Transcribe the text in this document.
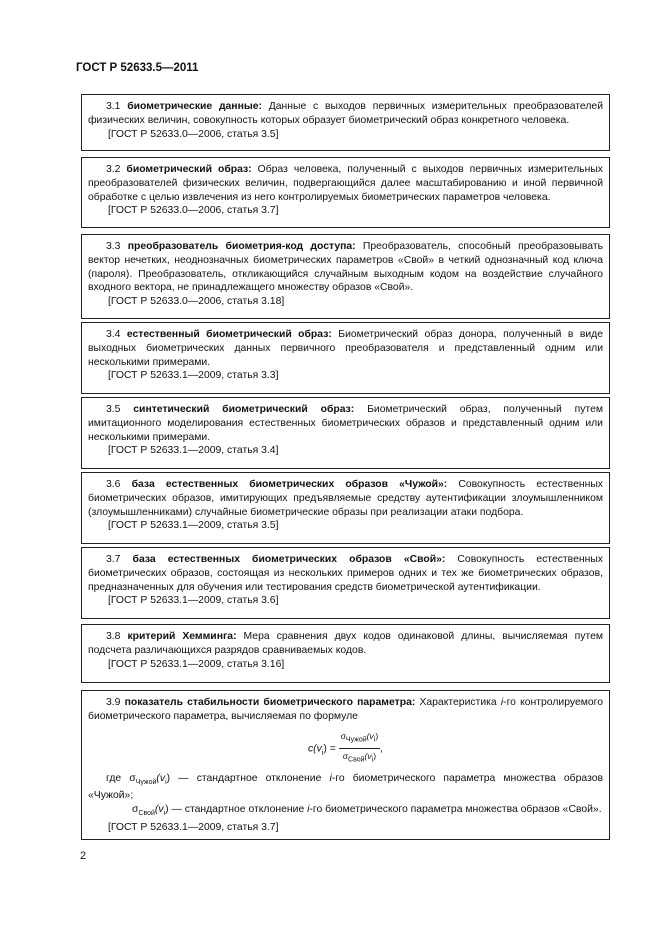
ГОСТ Р 52633.5—2011

3.1 биометрические данные: Данные с выходов первичных измерительных преобразователей физических величин, совокупность которых образует биометрический образ конкретного человека.

[ГОСТ Р 52633.0—2006, статья 3.5]

3.2 биометрический образ: Образ человека, полученный с выходов первичных измерительных преобразователей физических величин, подвергающийся далее масштабированию и иной первичной обработке с целью извлечения из него контролируемых биометрических параметров человека.

[ГОСТ Р 52633.0—2006, статья 3.7]

3.3 преобразователь биометрия-код доступа: Преобразователь, способный преобразовывать вектор нечетких, неоднозначных биометрических параметров «Свой» в четкий однозначный код ключа (пароля). Преобразователь, откликающийся случайным выходным кодом на воздействие случайного входного вектора, не принадлежащего множеству образов «Свой».

[ГОСТ Р 52633.0—2006, статья 3.18]

3.4 естественный биометрический образ: Биометрический образ донора, полученный в виде выходных биометрических данных первичного преобразователя и представленный одним или несколькими примерами.

[ГОСТ Р 52633.1—2009, статья 3.3]

3.5 синтетический биометрический образ: Биометрический образ, полученный путем имитационного моделирования естественных биометрических образов и представленный одним или несколькими примерами.

[ГОСТ Р 52633.1—2009, статья 3.4]

3.6 база естественных биометрических образов «Чужой»: Совокупность естественных биометрических образов, имитирующих предъявляемые средству аутентификации злоумышленником (злоумышленниками) случайные биометрические образы при реализации атаки подбора.

[ГОСТ Р 52633.1—2009, статья 3.5]

3.7 база естественных биометрических образов «Свой»: Совокупность естественных биометрических образов, состоящая из нескольких примеров одних и тех же биометрических образов, предназначенных для обучения или тестирования средств биометрической аутентификации.

[ГОСТ Р 52633.1—2009, статья 3.6]

3.8 критерий Хемминга: Мера сравнения двух кодов одинаковой длины, вычисляемая путем подсчета различающихся разрядов сравниваемых кодов.

[ГОСТ Р 52633.1—2009, статья 3.16]

3.9 показатель стабильности биометрического параметра: Характеристика i-го контролируемого биометрического параметра, вычисляемая по формуле

$c(v_i) = \frac{\sigma_{Чужой}(v_i)}{\sigma_{Свой}(v_i)}$ ,

где $\sigma_{Чужой}(v_i)$ — стандартное отклонение i-го биометрического параметра множества образов «Чужой»;

$\sigma_{Свой}(v_i)$ — стандартное отклонение i-го биометрического параметра множества образов «Свой».

[ГОСТ Р 52633.1—2009, статья 3.7]

2
